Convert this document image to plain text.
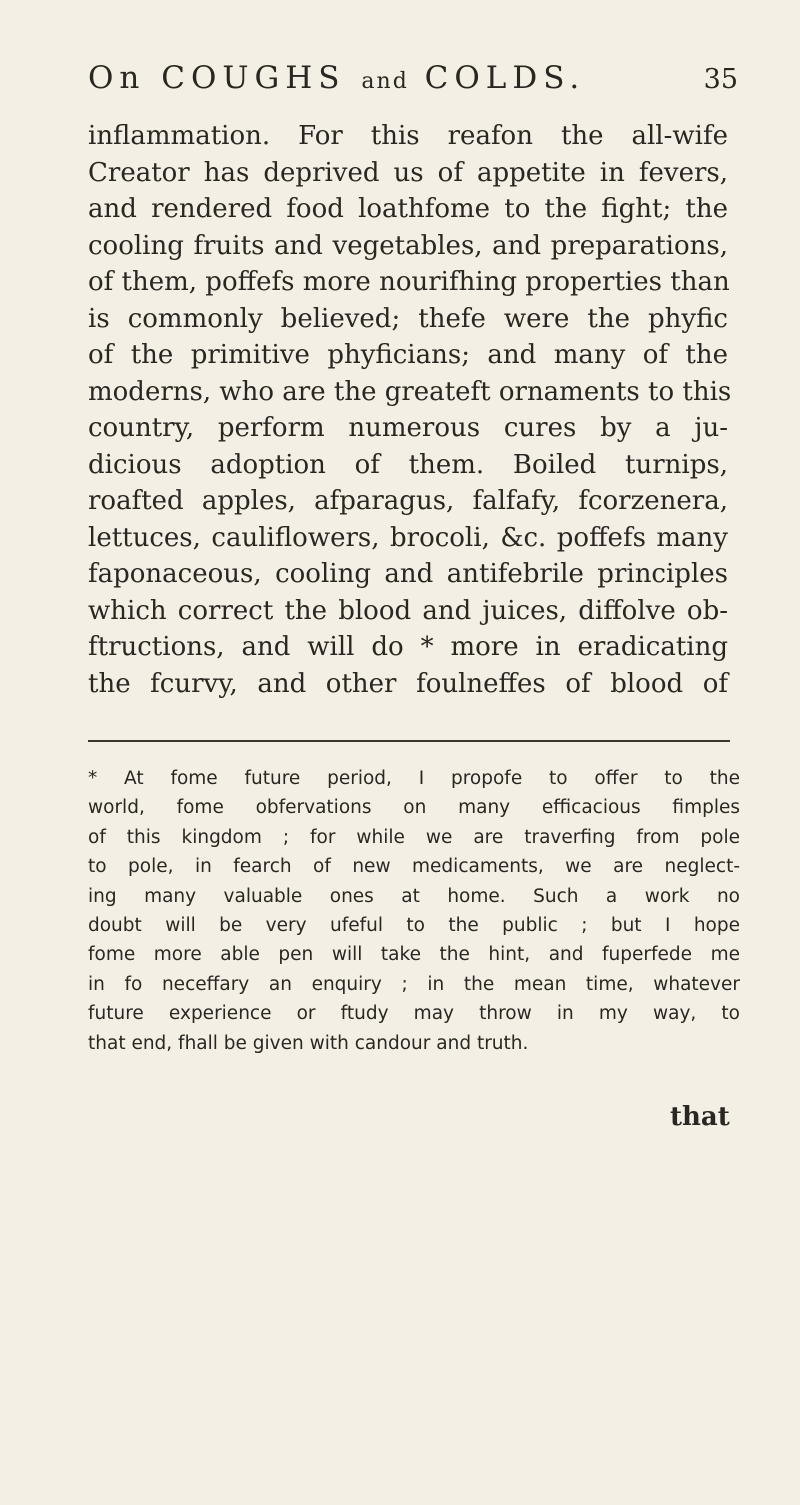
On COUGHS and COLDS.	35
inflammation. For this reafon the all-wife
Creator has deprived us of appetite in fevers,
and rendered food loathfome to the fight; the
cooling fruits and vegetables, and preparations,
of them, poffefs more nourifhing properties than
is commonly believed; thefe were the phyfic
of the primitive phyficians; and many of the
moderns, who are the greateft ornaments to this
country, perform numerous cures by a ju-
dicious adoption of them. Boiled turnips,
roafted apples, afparagus, falfafy, fcorzenera,
lettuces, cauliflowers, brocoli, &c. poffefs many
faponaceous, cooling and antifebrile principles
which correct the blood and juices, diffolve ob-
ftructions, and will do * more in eradicating
the fcurvy, and other foulneffes of blood of
* At fome future period, I propofe to offer to the
world, fome obfervations on many efficacious fimples
of this kingdom ; for while we are traverfing from pole
to pole, in fearch of new medicaments, we are neglect-
ing many valuable ones at home. Such a work no
doubt will be very ufeful to the public ; but I hope
fome more able pen will take the hint, and fuperfede me
in fo neceffary an enquiry ; in the mean time, whatever
future experience or ftudy may throw in my way, to
that end, fhall be given with candour and truth.
that
